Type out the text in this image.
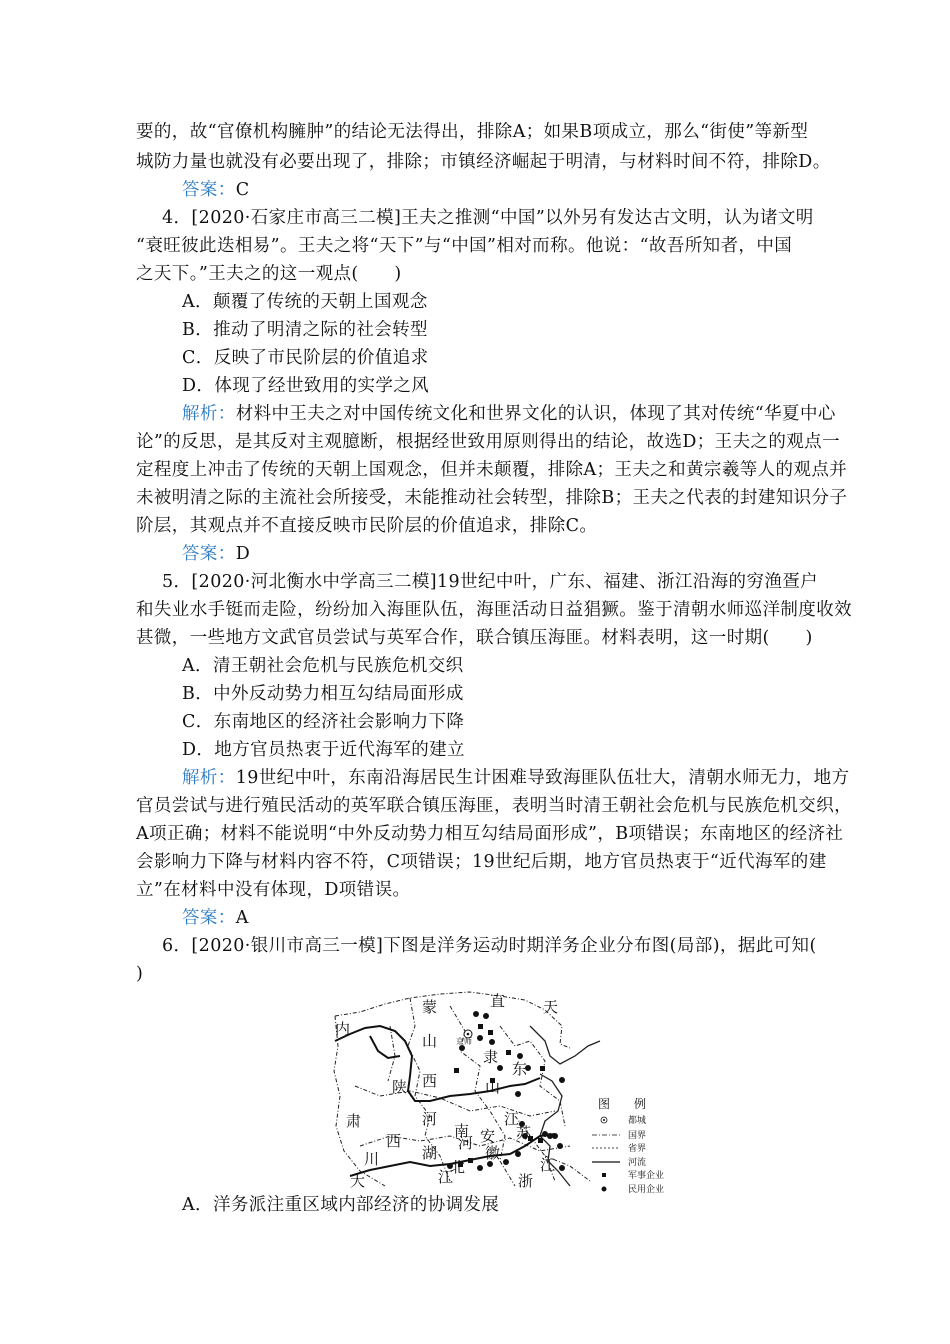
要的，故“官僚机构臃肿”的结论无法得出，排除A；如果B项成立，那么“街使”等新型
城防力量也就没有必要出现了，排除；市镇经济崛起于明清，与材料时间不符，排除D。
答案：C
4．[2020·石家庄市高三二模]王夫之推测“中国”以外另有发达古文明，认为诸文明
“衰旺彼此迭相易”。王夫之将“天下”与“中国”相对而称。他说：“故吾所知者，中国
之天下。”王夫之的这一观点(　　)
A．颠覆了传统的天朝上国观念
B．推动了明清之际的社会转型
C．反映了市民阶层的价值追求
D．体现了经世致用的实学之风
解析：材料中王夫之对中国传统文化和世界文化的认识，体现了其对传统“华夏中心
论”的反思，是其反对主观臆断，根据经世致用原则得出的结论，故选D；王夫之的观点一
定程度上冲击了传统的天朝上国观念，但并未颠覆，排除A；王夫之和黄宗羲等人的观点并
未被明清之际的主流社会所接受，未能推动社会转型，排除B；王夫之代表的封建知识分子
阶层，其观点并不直接反映市民阶层的价值追求，排除C。
答案：D
5．[2020·河北衡水中学高三二模]19世纪中叶，广东、福建、浙江沿海的穷渔疍户
和失业水手铤而走险，纷纷加入海匪队伍，海匪活动日益猖獗。鉴于清朝水师巡洋制度收效
甚微，一些地方文武官员尝试与英军合作，联合镇压海匪。材料表明，这一时期(　　)
A．清王朝社会危机与民族危机交织
B．中外反动势力相互勾结局面形成
C．东南地区的经济社会影响力下降
D．地方官员热衷于近代海军的建立
解析：19世纪中叶，东南沿海居民生计困难导致海匪队伍壮大，清朝水师无力，地方
官员尝试与进行殖民活动的英军联合镇压海匪，表明当时清王朝社会危机与民族危机交织，
A项正确；材料不能说明“中外反动势力相互勾结局面形成”，B项错误；东南地区的经济社
会影响力下降与材料内容不符，C项错误；19世纪后期，地方官员热衷于“近代海军的建
立”在材料中没有体现，D项错误。
答案：A
6．[2020·银川市高三一模]下图是洋务运动时期洋务企业分布图(局部)，据此可知(
)
蒙	直	天
内
山 京师
隶
东
西
陕
肃
山
河	江
苏
西	河
南 安
徽
湖
川
大
北
江	浙
江
图　　例
都城
国界
省界
河流
军事企业
民用企业
A．洋务派注重区域内部经济的协调发展
